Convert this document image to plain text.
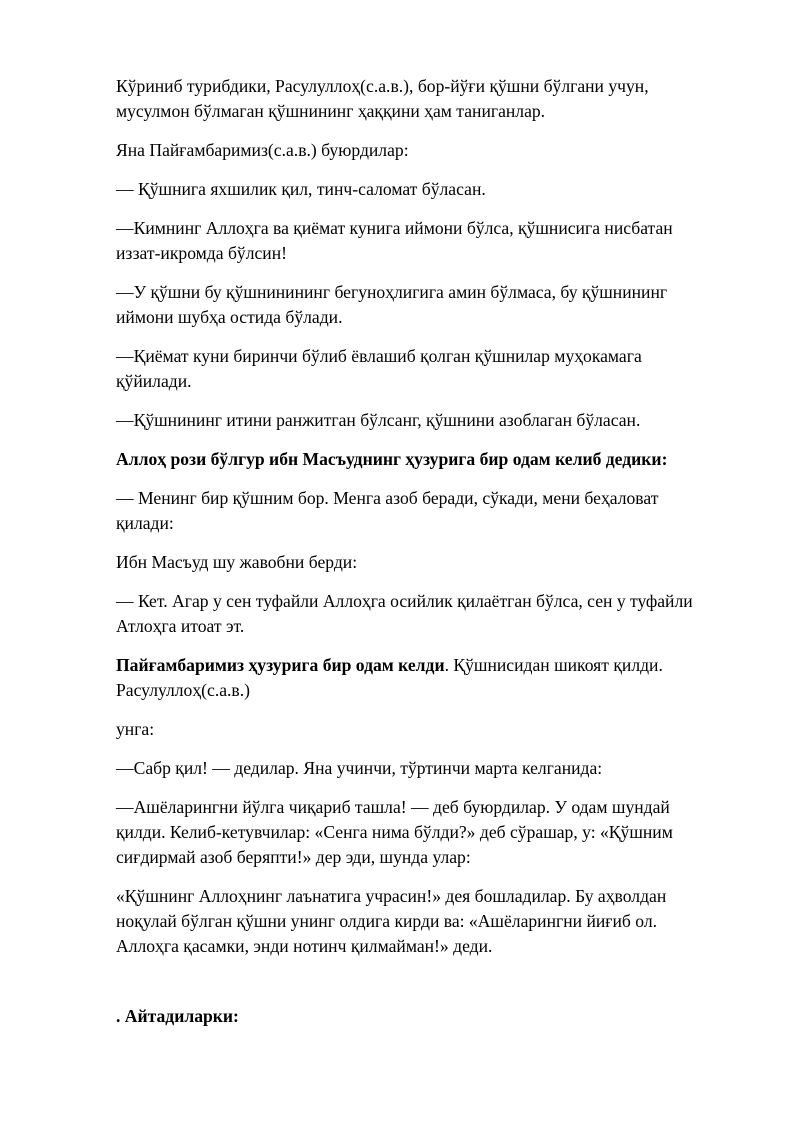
Кўриниб турибдики, Расулуллоҳ(с.а.в.), бор-йўғи қўшни бўлгани учун,
мусулмон бўлмаган қўшнининг ҳаққини ҳам таниганлар.
Яна Пайғамбаримиз(с.а.в.) буюрдилар:
— Қўшнига яхшилик қил, тинч-саломат бўласан.
—Кимнинг Аллоҳга ва қиёмат кунига иймони бўлса, қўшнисига нисбатан
иззат-икромда бўлсин!
—У қўшни бу қўшнинининг бегуноҳлигига амин бўлмаса, бу қўшнининг
иймони шубҳа остида бўлади.
—Қиёмат куни биринчи бўлиб ёвлашиб қолган қўшнилар муҳокамага
қўйилади.
—Қўшнининг итини ранжитган бўлсанг, қўшнини азоблаган бўласан.
Аллоҳ рози бўлгур ибн Масъуднинг ҳузурига бир одам келиб дедики:
— Менинг бир қўшним бор. Менга азоб беради, сўкади, мени беҳаловат
қилади:
Ибн Масъуд шу жавобни берди:
— Кет. Агар у сен туфайли Аллоҳга осийлик қилаётган бўлса, сен у туфайли
Атлоҳга итоат эт.
Пайғамбаримиз ҳузурига бир одам келди. Қўшнисидан шикоят қилди.
Расулуллоҳ(с.а.в.)
унга:
—Сабр қил! — дедилар. Яна учинчи, тўртинчи марта келганида:
—Ашёларингни йўлга чиқариб ташла! — деб буюрдилар. У одам шундай
қилди. Келиб-кетувчилар: «Сенга нима бўлди?» деб сўрашар, у: «Қўшним
сиғдирмай азоб беряпти!» дер эди, шунда улар:
«Қўшнинг Аллоҳнинг лаънатига учрасин!» дея бошладилар. Бу аҳволдан
ноқулай бўлган қўшни унинг олдига кирди ва: «Ашёларингни йиғиб ол.
Аллоҳга қасамки, энди нотинч қилмайман!» деди.
. Айтадиларки:
